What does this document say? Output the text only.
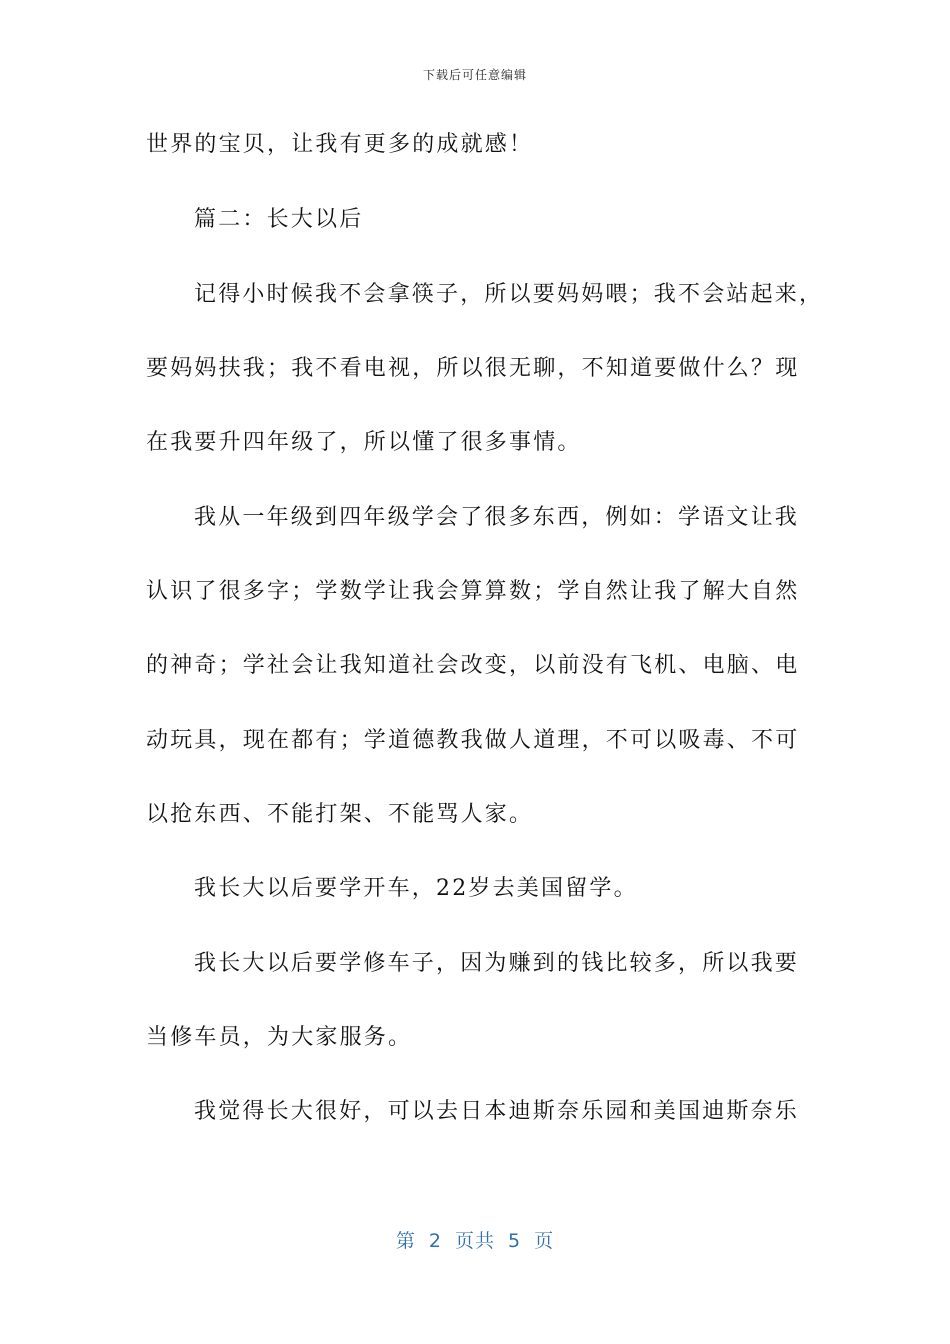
下载后可任意编辑
世界的宝贝，让我有更多的成就感！
篇二：长大以后
记得小时候我不会拿筷子，所以要妈妈喂；我不会站起来，
要妈妈扶我；我不看电视，所以很无聊，不知道要做什么？现
在我要升四年级了，所以懂了很多事情。
我从一年级到四年级学会了很多东西，例如：学语文让我
认识了很多字；学数学让我会算算数；学自然让我了解大自然
的神奇；学社会让我知道社会改变，以前没有飞机、电脑、电
动玩具，现在都有；学道德教我做人道理，不可以吸毒、不可
以抢东西、不能打架、不能骂人家。
我长大以后要学开车，22岁去美国留学。
我长大以后要学修车子，因为赚到的钱比较多，所以我要
当修车员，为大家服务。
我觉得长大很好，可以去日本迪斯奈乐园和美国迪斯奈乐
第 2 页共 5 页
